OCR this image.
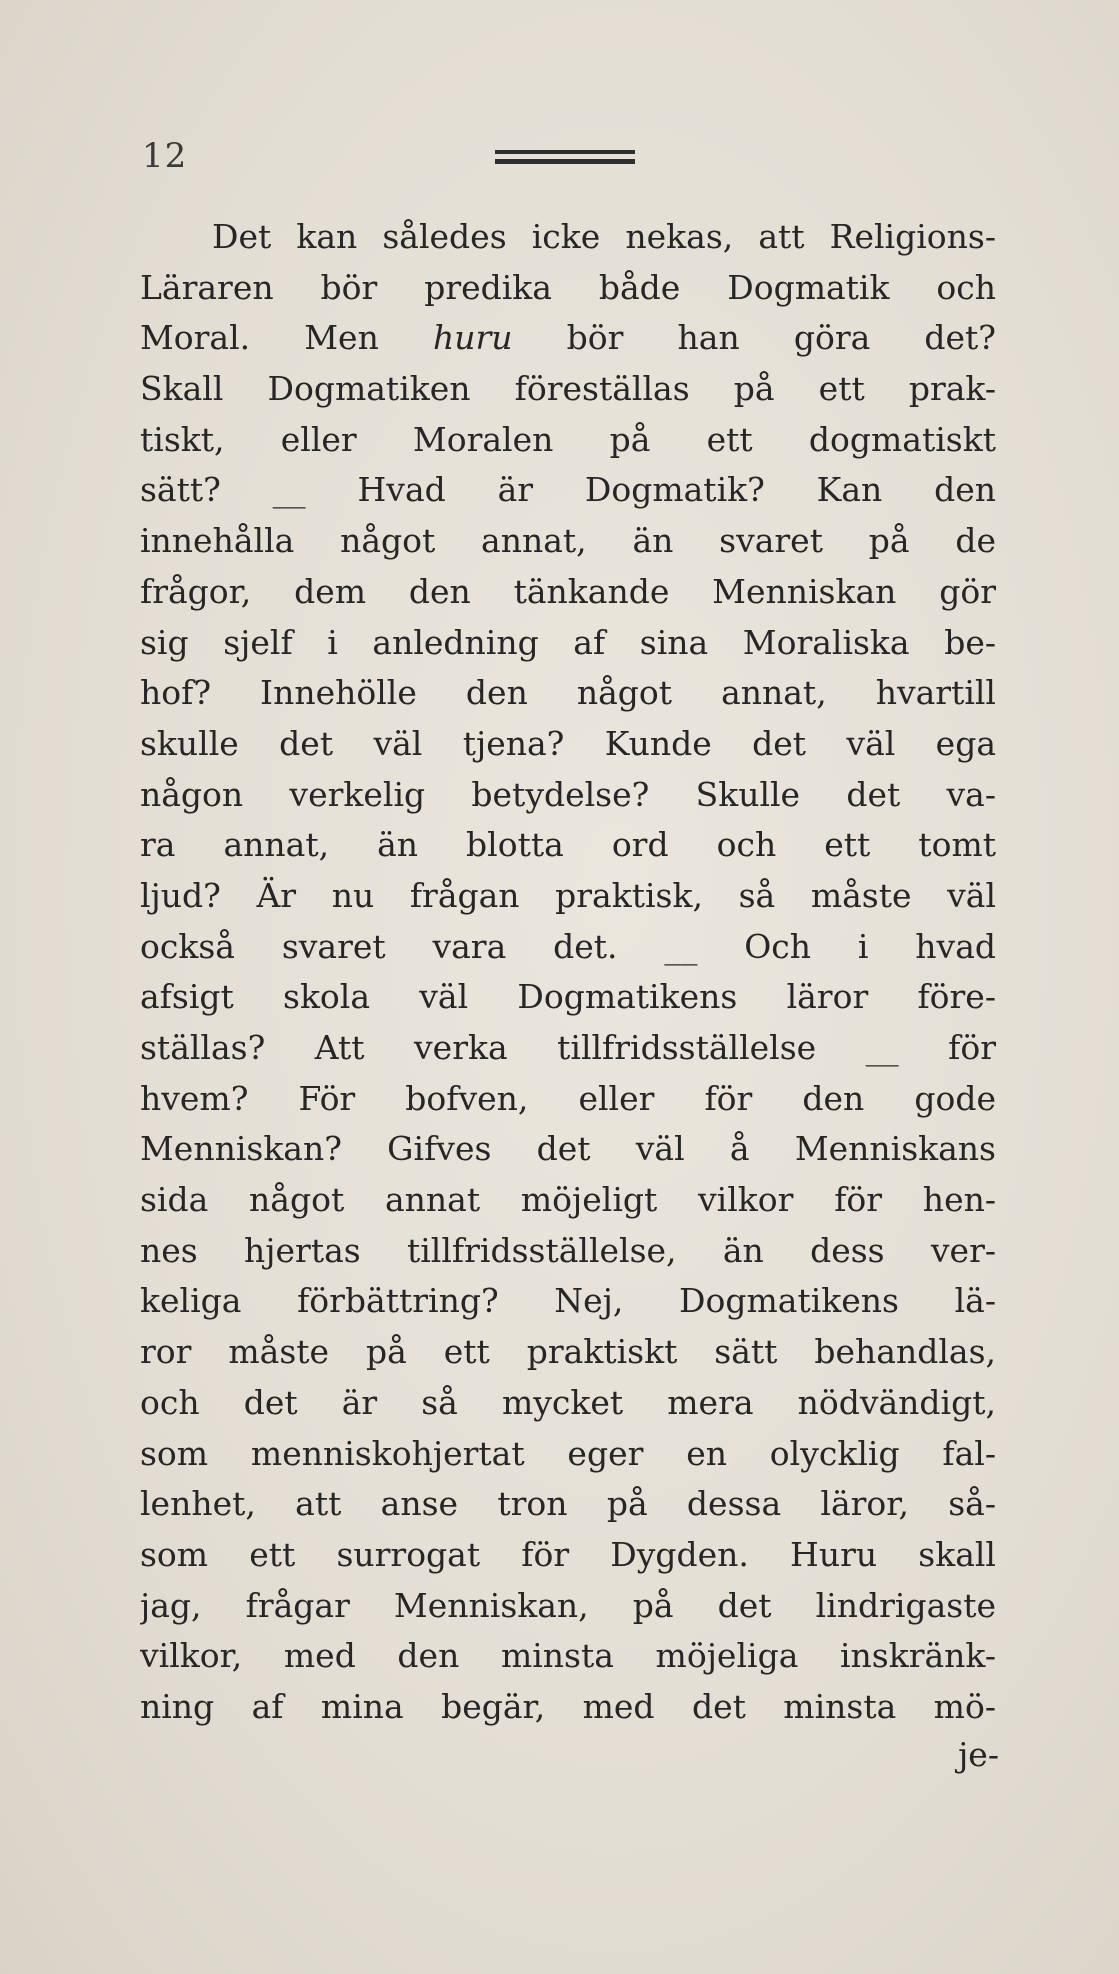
12
Det kan således icke nekas, att Religions-
Läraren bör predika både Dogmatik och
Moral. Men huru bör han göra det?
Skall Dogmatiken föreställas på ett prak-
tiskt, eller Moralen på ett dogmatiskt
sätt? __ Hvad är Dogmatik? Kan den
innehålla något annat, än svaret på de
frågor, dem den tänkande Menniskan gör
sig sjelf i anledning af sina Moraliska be-
hof? Innehölle den något annat, hvartill
skulle det väl tjena? Kunde det väl ega
någon verkelig betydelse? Skulle det va-
ra annat, än blotta ord och ett tomt
ljud? Är nu frågan praktisk, så måste väl
också svaret vara det. __ Och i hvad
afsigt skola väl Dogmatikens läror före-
ställas? Att verka tillfridsställelse __ för
hvem? För bofven, eller för den gode
Menniskan? Gifves det väl å Menniskans
sida något annat möjeligt vilkor för hen-
nes hjertas tillfridsställelse, än dess ver-
keliga förbättring? Nej, Dogmatikens lä-
ror måste på ett praktiskt sätt behandlas,
och det är så mycket mera nödvändigt,
som menniskohjertat eger en olycklig fal-
lenhet, att anse tron på dessa läror, så-
som ett surrogat för Dygden. Huru skall
jag, frågar Menniskan, på det lindrigaste
vilkor, med den minsta möjeliga inskränk-
ning af mina begär, med det minsta mö-
je-
